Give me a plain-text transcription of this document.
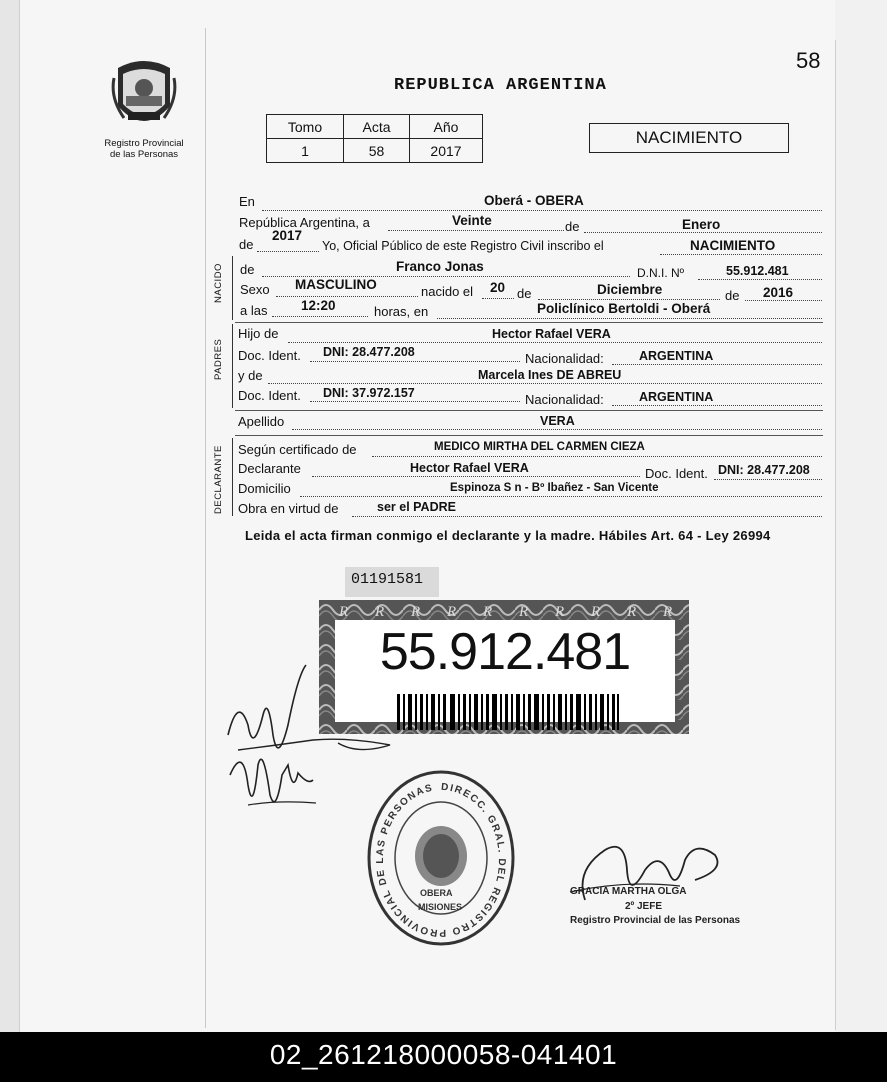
58
Registro Provincial
de las Personas
REPUBLICA ARGENTINA
Tomo	Acta	Año
1	58	2017
NACIMIENTO
En	Oberá - OBERA
República Argentina, a	Veinte	de	Enero
de
2017
Yo, Oficial Público de este Registro Civil inscribo el	NACIMIENTO
de	Franco Jonas	D.N.I. Nº	55.912.481
Sexo MASCULINO	nacido el 20 de	Diciembre	de 2016
a las 12:20	horas, en	Policlínico Bertoldi - Oberá
Hijo de	Hector Rafael VERA
Doc. Ident. DNI: 28.477.208	Nacionalidad:	ARGENTINA
y de	Marcela Ines DE ABREU
Doc. Ident. DNI: 37.972.157	Nacionalidad:	ARGENTINA
Apellido	VERA
Según certificado de	MEDICO MIRTHA DEL CARMEN CIEZA
Declarante	Hector Rafael VERA	Doc. Ident. DNI: 28.477.208
Domicilio	Espinoza S n - Bº Ibañez - San Vicente
Obra en virtud de	ser el PADRE
NACIDO
PADRES
DECLARANTE
Leida el acta firman conmigo el declarante y la madre. Hábiles Art. 64 - Ley 26994
01191581
R R R R R R R R R R
55.912.481
DIRECC. GRAL. DEL REGISTRO PROVINCIAL DE LAS PERSONAS
OBERA
MISIONES
GRACIA MARTHA OLGA
2º JEFE
Registro Provincial de las Personas
02_261218000058-041401
